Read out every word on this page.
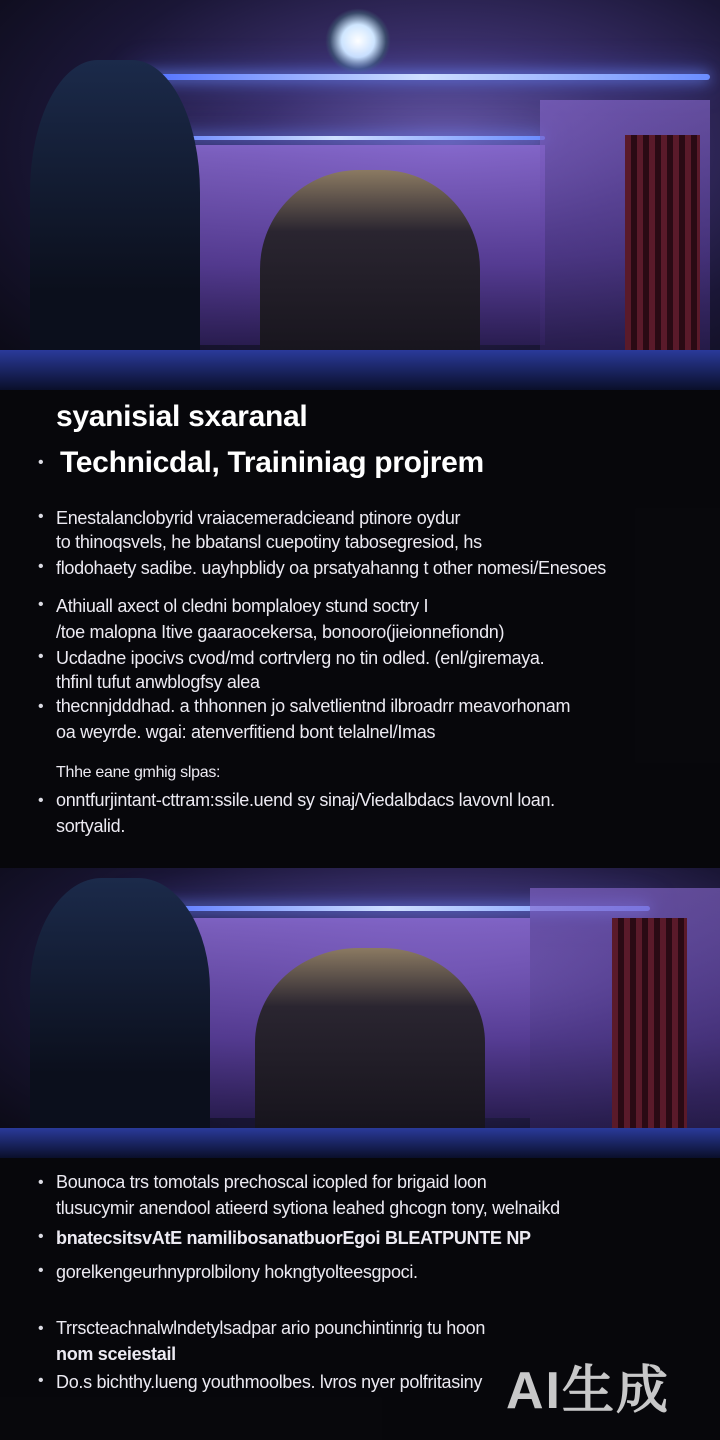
syanisial sxaranal
• Technicdal, Traininiag projrem
• Enestalanclobyrid vraiacemeradcieand ptinore oydur
to thinoqsvels, he bbatansl cuepotiny tabosegresiod, hs
• flodohaety sadibe. uayhpblidy oa prsatyahanng t other nomesi/Enesoes
• Athiuall axect ol cledni bomplaloey stund soctry I
/toe malopna Itive gaaraocekersa, bonooro(jieionnefiondn)
• Ucdadne ipocivs cvod/md cortrvlerg no tin odled. (enl/giremaya.
thfinl tufut anwblogfsy alea
• thecnnjdddhad. a thhonnen jo salvetlientnd ilbroadrr meavorhonam
oa weyrde. wgai: atenverfitiend bont telalnel/Imas
Thhe eane gmhig slpas:
• onntfurjintant-cttram:ssile.uend sy sinaj/Viedalbdacs lavovnl loan.
sortyalid.
• Bounoca trs tomotals prechoscal icopled for brigaid loon
tlusucymir anendool atieerd sytiona leahed ghcogn tony, welnaikd
• bnatecsitsvAtE namilibosanatbuorEgoi BLEATPUNTE NP
• gorelkengeurhnyprolbilony hokngtyolteesgpoci.
• Trrscteachnalwlndetylsadpar ario pounchintinrig tu hoon
nom sceiestail
• Do.s bichthy.lueng youthmoolbes. lvros nyer polfritasiny AI生成
